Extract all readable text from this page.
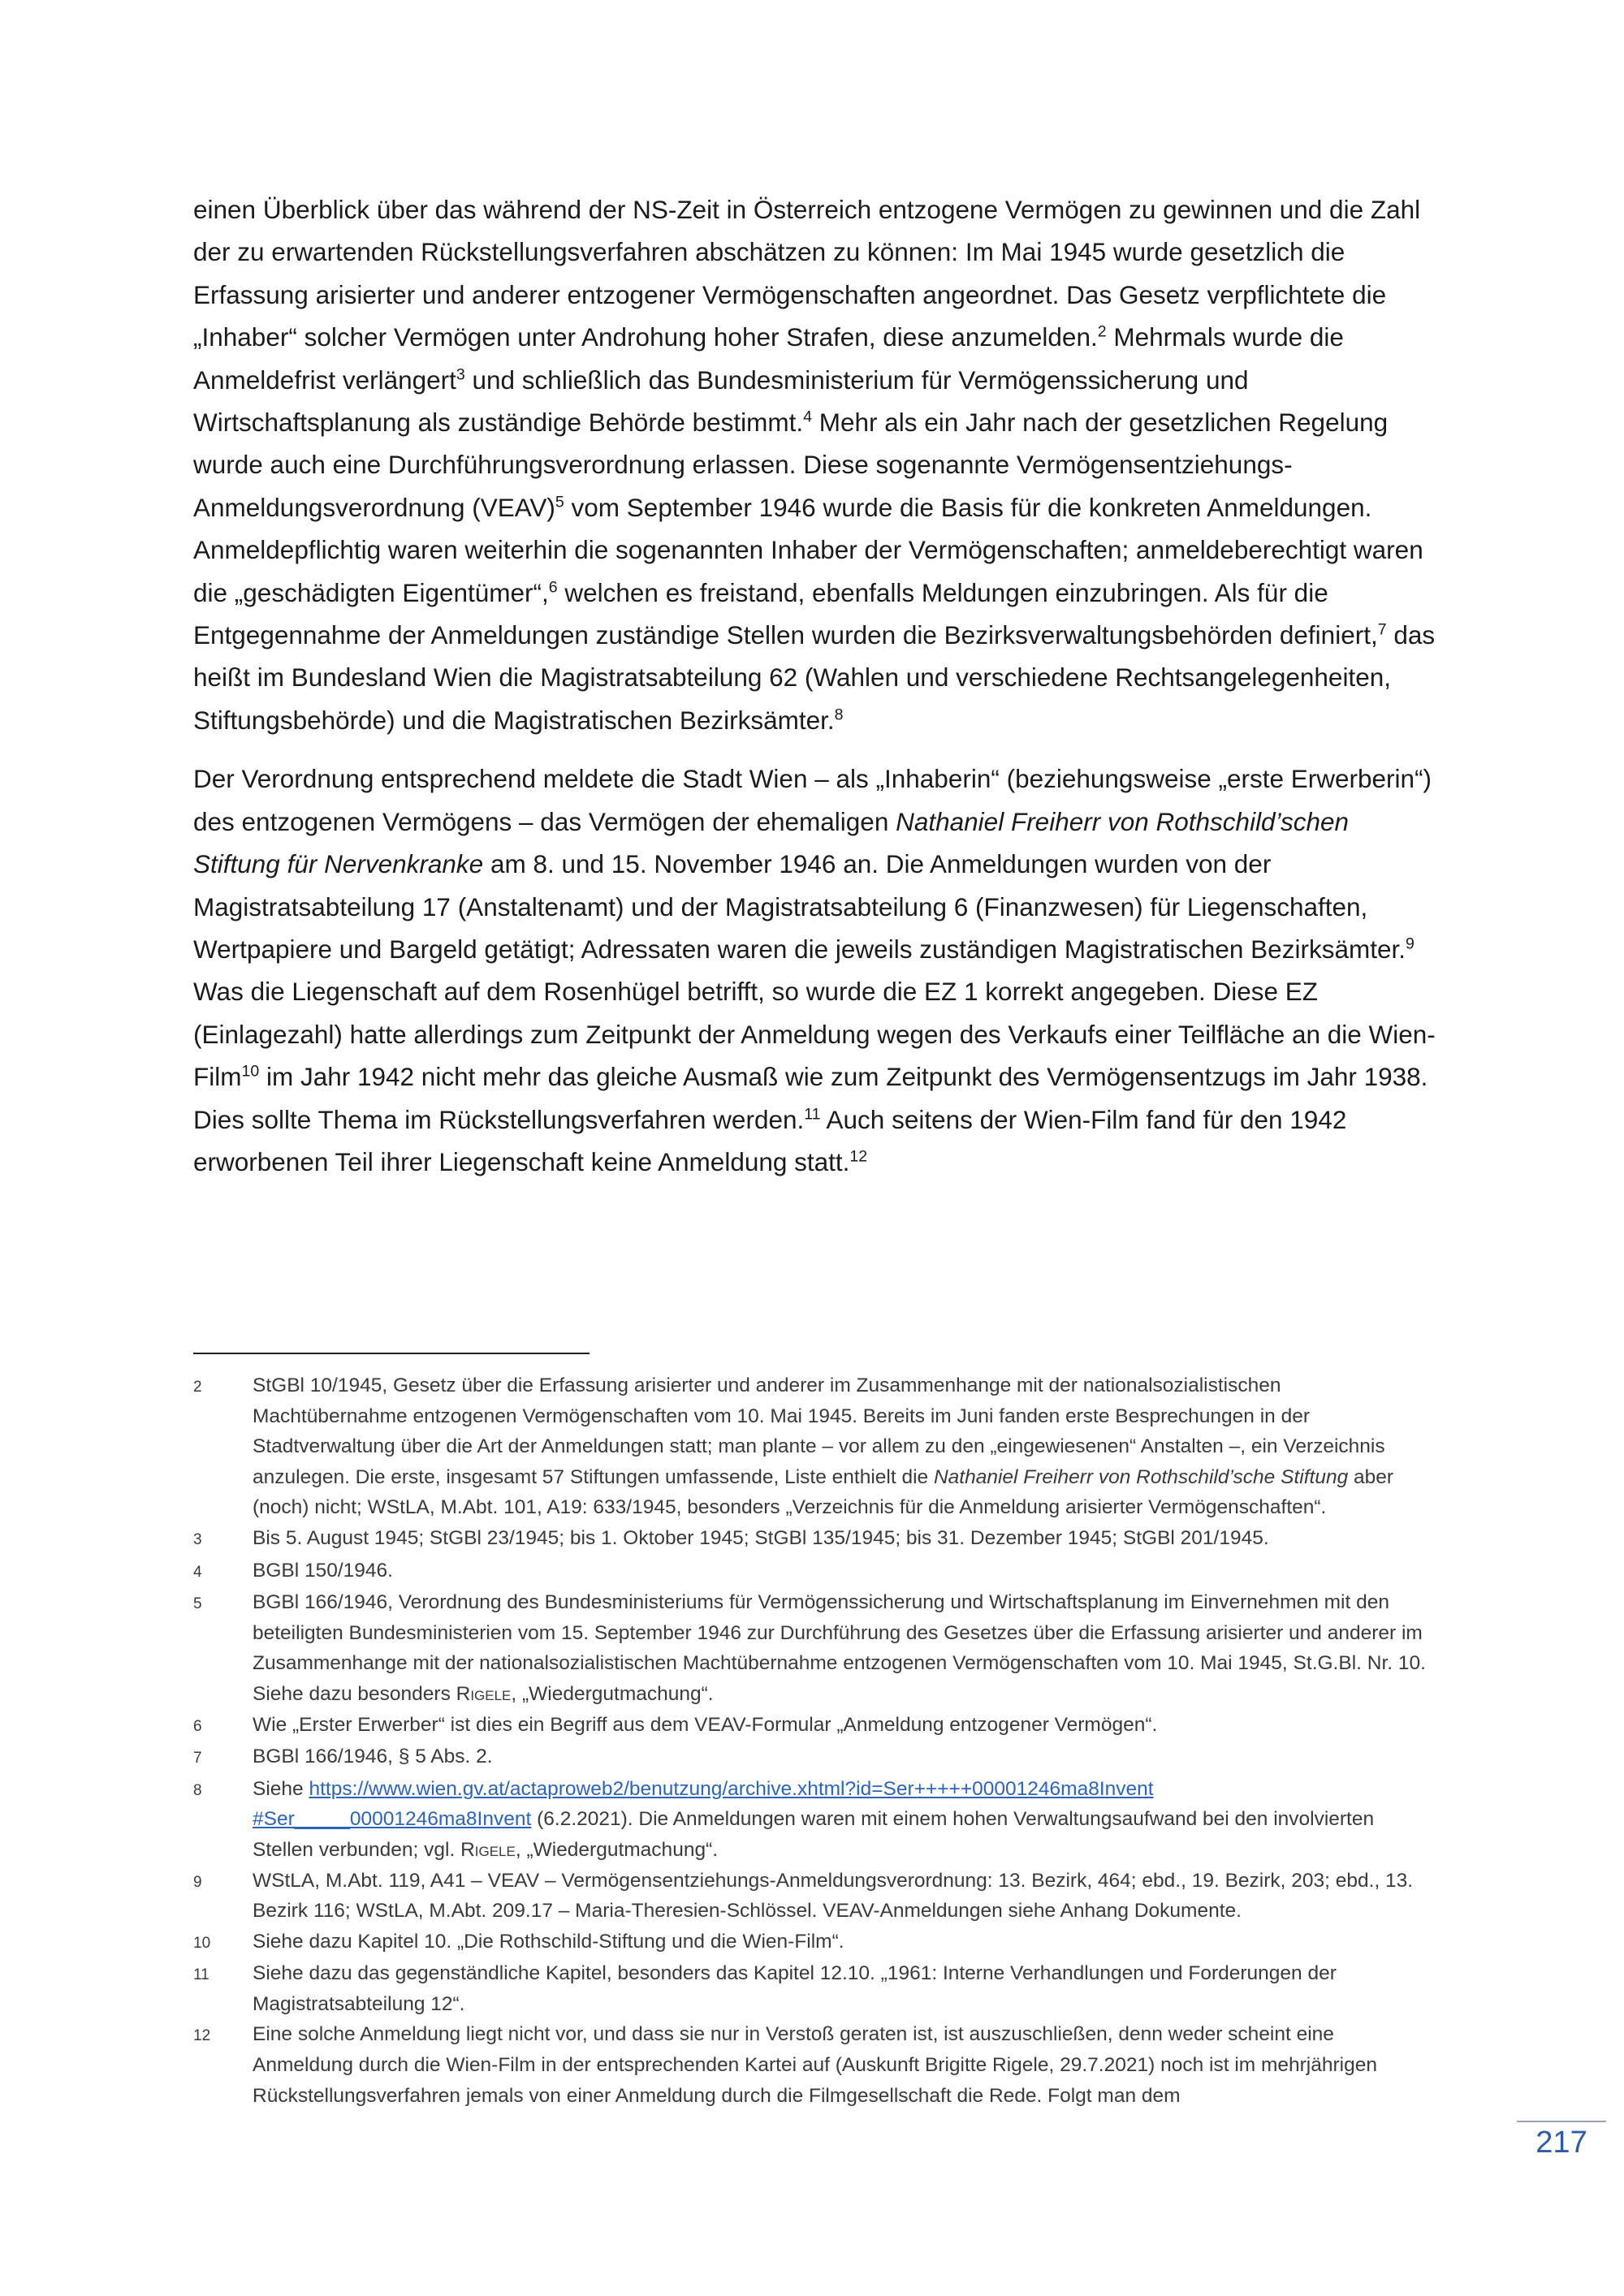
einen Überblick über das während der NS-Zeit in Österreich entzogene Vermögen zu gewinnen und die Zahl der zu erwartenden Rückstellungsverfahren abschätzen zu können: Im Mai 1945 wurde gesetzlich die Erfassung arisierter und anderer entzogener Vermögenschaften angeordnet. Das Gesetz verpflichtete die „Inhaber“ solcher Vermögen unter Androhung hoher Strafen, diese anzumelden.$^2$ Mehrmals wurde die Anmeldefrist verlängert$^3$ und schließlich das Bundesministerium für Vermögenssicherung und Wirtschaftsplanung als zuständige Behörde bestimmt.$^4$ Mehr als ein Jahr nach der gesetzlichen Regelung wurde auch eine Durchführungsverordnung erlassen. Diese sogenannte Vermögensentziehungs-Anmeldungsverordnung (VEAV)$^5$ vom September 1946 wurde die Basis für die konkreten Anmeldungen. Anmeldepflichtig waren weiterhin die sogenannten Inhaber der Vermögenschaften; anmeldeberechtigt waren die „geschädigten Eigentümer“,$^6$ welchen es freistand, ebenfalls Meldungen einzubringen. Als für die Entgegennahme der Anmeldungen zuständige Stellen wurden die Bezirksverwaltungsbehörden definiert,$^7$ das heißt im Bundesland Wien die Magistratsabteilung 62 (Wahlen und verschiedene Rechtsangelegenheiten, Stiftungsbehörde) und die Magistratischen Bezirksämter.$^8$

Der Verordnung entsprechend meldete die Stadt Wien – als „Inhaberin“ (beziehungsweise „erste Erwerberin“) des entzogenen Vermögens – das Vermögen der ehemaligen Nathaniel Freiherr von Rothschild’schen Stiftung für Nervenkranke am 8. und 15. November 1946 an. Die Anmeldungen wurden von der Magistratsabteilung 17 (Anstaltenamt) und der Magistratsabteilung 6 (Finanzwesen) für Liegenschaften, Wertpapiere und Bargeld getätigt; Adressaten waren die jeweils zuständigen Magistratischen Bezirksämter.$^9$ Was die Liegenschaft auf dem Rosenhügel betrifft, so wurde die EZ 1 korrekt angegeben. Diese EZ (Einlagezahl) hatte allerdings zum Zeitpunkt der Anmeldung wegen des Verkaufs einer Teilfläche an die Wien-Film$^{10}$ im Jahr 1942 nicht mehr das gleiche Ausmaß wie zum Zeitpunkt des Vermögensentzugs im Jahr 1938. Dies sollte Thema im Rückstellungsverfahren werden.$^{11}$ Auch seitens der Wien-Film fand für den 1942 erworbenen Teil ihrer Liegenschaft keine Anmeldung statt.$^{12}$

2	StGBl 10/1945, Gesetz über die Erfassung arisierter und anderer im Zusammenhange mit der nationalsozialistischen Machtübernahme entzogenen Vermögenschaften vom 10. Mai 1945. Bereits im Juni fanden erste Besprechungen in der Stadtverwaltung über die Art der Anmeldungen statt; man plante – vor allem zu den „eingewiesenen“ Anstalten –, ein Verzeichnis anzulegen. Die erste, insgesamt 57 Stiftungen umfassende, Liste enthielt die Nathaniel Freiherr von Rothschild’sche Stiftung aber (noch) nicht; WStLA, M.Abt. 101, A19: 633/1945, besonders „Verzeichnis für die Anmeldung arisierter Vermögenschaften“.
3	Bis 5. August 1945; StGBl 23/1945; bis 1. Oktober 1945; StGBl 135/1945; bis 31. Dezember 1945; StGBl 201/1945.
4	BGBl 150/1946.
5	BGBl 166/1946, Verordnung des Bundesministeriums für Vermögenssicherung und Wirtschaftsplanung im Einvernehmen mit den beteiligten Bundesministerien vom 15. September 1946 zur Durchführung des Gesetzes über die Erfassung arisierter und anderer im Zusammenhange mit der nationalsozialistischen Machtübernahme entzogenen Vermögenschaften vom 10. Mai 1945, St.G.Bl. Nr. 10. Siehe dazu besonders Rigele, „Wiedergutmachung“.
6	Wie „Erster Erwerber“ ist dies ein Begriff aus dem VEAV-Formular „Anmeldung entzogener Vermögen“.
7	BGBl 166/1946, § 5 Abs. 2.
8	Siehe https://www.wien.gv.at/actaproweb2/benutzung/archive.xhtml?id=Ser+++++00001246ma8Invent #Ser_____00001246ma8Invent (6.2.2021). Die Anmeldungen waren mit einem hohen Verwaltungsaufwand bei den involvierten Stellen verbunden; vgl. Rigele, „Wiedergutmachung“.
9	WStLA, M.Abt. 119, A41 – VEAV – Vermögensentziehungs-Anmeldungsverordnung: 13. Bezirk, 464; ebd., 19. Bezirk, 203; ebd., 13. Bezirk 116; WStLA, M.Abt. 209.17 – Maria-Theresien-Schlössel. VEAV-Anmeldungen siehe Anhang Dokumente.
10	Siehe dazu Kapitel 10. „Die Rothschild-Stiftung und die Wien-Film“.
11	Siehe dazu das gegenständliche Kapitel, besonders das Kapitel 12.10. „1961: Interne Verhandlungen und Forderungen der Magistratsabteilung 12“.
12	Eine solche Anmeldung liegt nicht vor, und dass sie nur in Verstoß geraten ist, ist auszuschließen, denn weder scheint eine Anmeldung durch die Wien-Film in der entsprechenden Kartei auf (Auskunft Brigitte Rigele, 29.7.2021) noch ist im mehrjährigen Rückstellungsverfahren jemals von einer Anmeldung durch die Filmgesellschaft die Rede. Folgt man dem
217
